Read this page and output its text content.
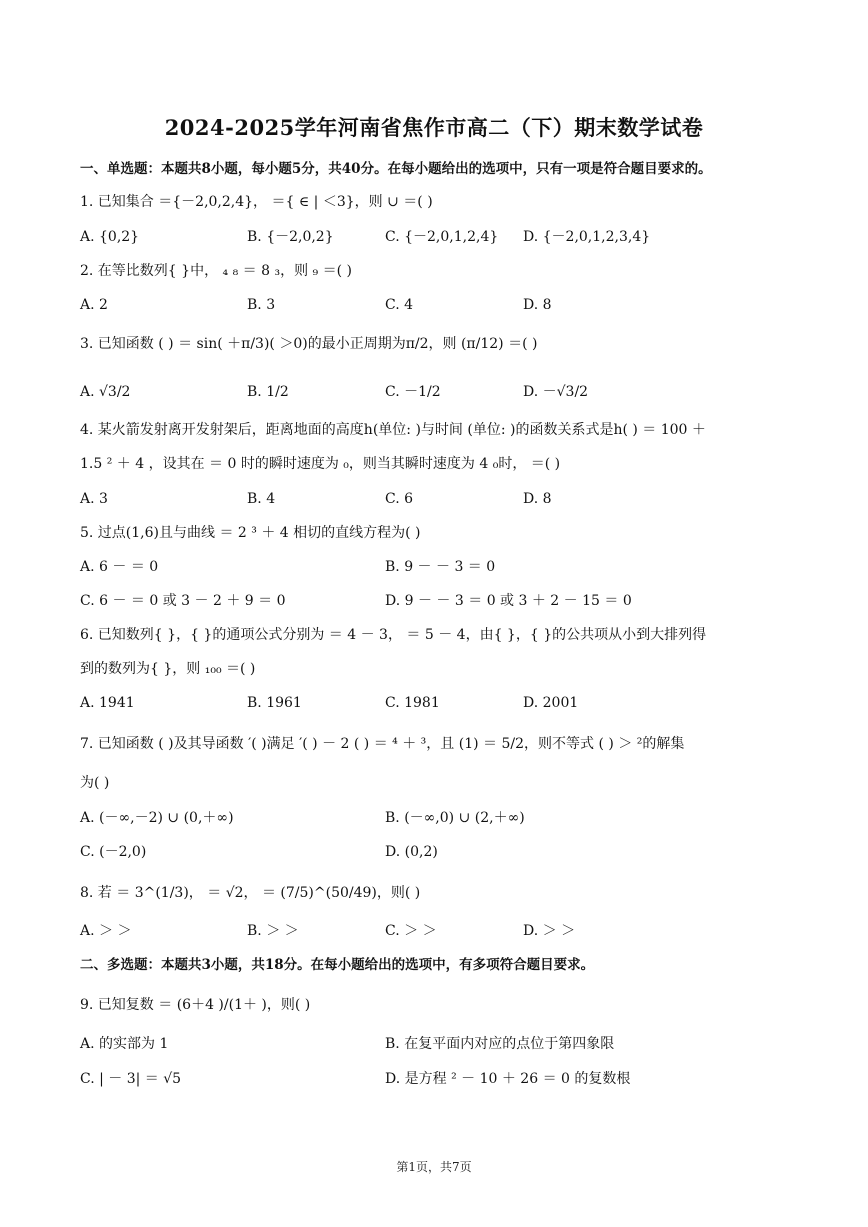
2024-2025学年河南省焦作市高二（下）期末数学试卷
一、单选题：本题共8小题，每小题5分，共40分。在每小题给出的选项中，只有一项是符合题目要求的。
1. 已知集合 ＝{－2,0,2,4}， ＝{ ∈ | ＜3}，则 ∪ ＝( )
A. {0,2}	B. {－2,0,2}	C. {－2,0,1,2,4} D. {－2,0,1,2,3,4}
2. 在等比数列{ }中， ₄ ₈ ＝ 8 ₃，则 ₉ ＝( )
A. 2	B. 3	C. 4	D. 8
3. 已知函数 ( ) ＝ sin( ＋π/3)( ＞0)的最小正周期为π/2，则 (π/12) ＝( )
A. √3/2	B. 1/2	C. －1/2	D. －√3/2
4. 某火箭发射离开发射架后，距离地面的高度h(单位: )与时间 (单位: )的函数关系式是h( ) ＝ 100 ＋
1.5 ² ＋ 4 ，设其在 ＝ 0 时的瞬时速度为 ₀，则当其瞬时速度为 4 ₀时， ＝( )
A. 3	B. 4	C. 6	D. 8
5. 过点(1,6)且与曲线 ＝ 2 ³ ＋ 4 相切的直线方程为( )
A. 6 － ＝ 0	B. 9 － － 3 ＝ 0
C. 6 － ＝ 0 或 3 － 2 ＋ 9 ＝ 0	D. 9 － － 3 ＝ 0 或 3 ＋ 2 － 15 ＝ 0
6. 已知数列{ }，{ }的通项公式分别为 ＝ 4 － 3， ＝ 5 － 4，由{ }，{ }的公共项从小到大排列得
到的数列为{ }，则 ₁₀₀ ＝( )
A. 1941	B. 1961	C. 1981	D. 2001
7. 已知函数 ( )及其导函数 ′( )满足 ′( ) － 2 ( ) ＝ ⁴ ＋ ³，且 (1) ＝ 5/2，则不等式 ( ) ＞ ²的解集
为( )
A. (－∞,－2) ∪ (0,＋∞)	B. (－∞,0) ∪ (2,＋∞)
C. (－2,0)	D. (0,2)
8. 若 ＝ 3^(1/3)， ＝ √2， ＝ (7/5)^(50/49)，则( )
A. ＞ ＞	B. ＞ ＞	C. ＞ ＞	D. ＞ ＞
二、多选题：本题共3小题，共18分。在每小题给出的选项中，有多项符合题目要求。
9. 已知复数 ＝ (6＋4 )/(1＋ )，则( )
A. 的实部为 1	B. 在复平面内对应的点位于第四象限
C. | － 3| ＝ √5	D. 是方程 ² － 10 ＋ 26 ＝ 0 的复数根
第1页，共7页
